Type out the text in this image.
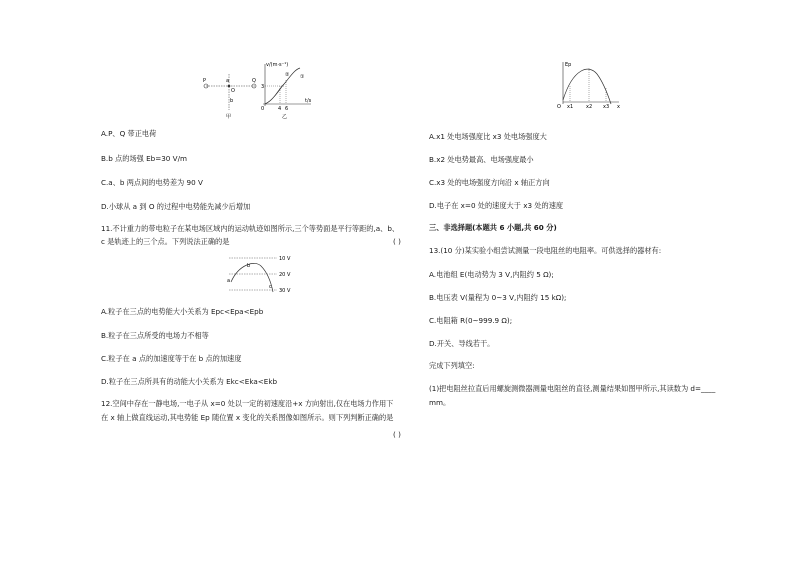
P	a
O
Q
b
甲
v/(m·s⁻¹)
t/s
3
0	4 6
①
②
乙
A.P、Q 带正电荷
B.b 点的场强 Eb=30 V/m
C.a、b 两点间的电势差为 90 V
D.小球从 a 到 O 的过程中电势能先减少后增加
11.不计重力的带电粒子在某电场区域内的运动轨迹如图所示,三个等势面是平行等距的,a、b、
c 是轨迹上的三个点。下列说法正确的是	( )
10 V
20 V
30 V
a
b
c
A.粒子在三点的电势能大小关系为 Epc<Epa<Epb
B.粒子在三点所受的电场力不相等
C.粒子在 a 点的加速度等于在 b 点的加速度
D.粒子在三点所具有的动能大小关系为 Ekc<Eka<Ekb
12.空间中存在一静电场,一电子从 x=0 处以一定的初速度沿+x 方向射出,仅在电场力作用下
在 x 轴上做直线运动,其电势能 Ep 随位置 x 变化的关系图像如图所示。则下列判断正确的是
( )
Ep
x
O x1	x2 x3
A.x1 处电场强度比 x3 处电场强度大
B.x2 处电势最高、电场强度最小
C.x3 处的电场强度方向沿 x 轴正方向
D.电子在 x=0 处的速度大于 x3 处的速度
三、非选择题(本题共 6 小题,共 60 分)
13.(10 分)某实验小组尝试测量一段电阻丝的电阻率。可供选择的器材有:
A.电池组 E(电动势为 3 V,内阻约 5 Ω);
B.电压表 V(量程为 0~3 V,内阻约 15 kΩ);
C.电阻箱 R(0~999.9 Ω);
D.开关、导线若干。
完成下列填空:
(1)把电阻丝拉直后用螺旋测微器测量电阻丝的直径,测量结果如图甲所示,其读数为 d=____
mm。
